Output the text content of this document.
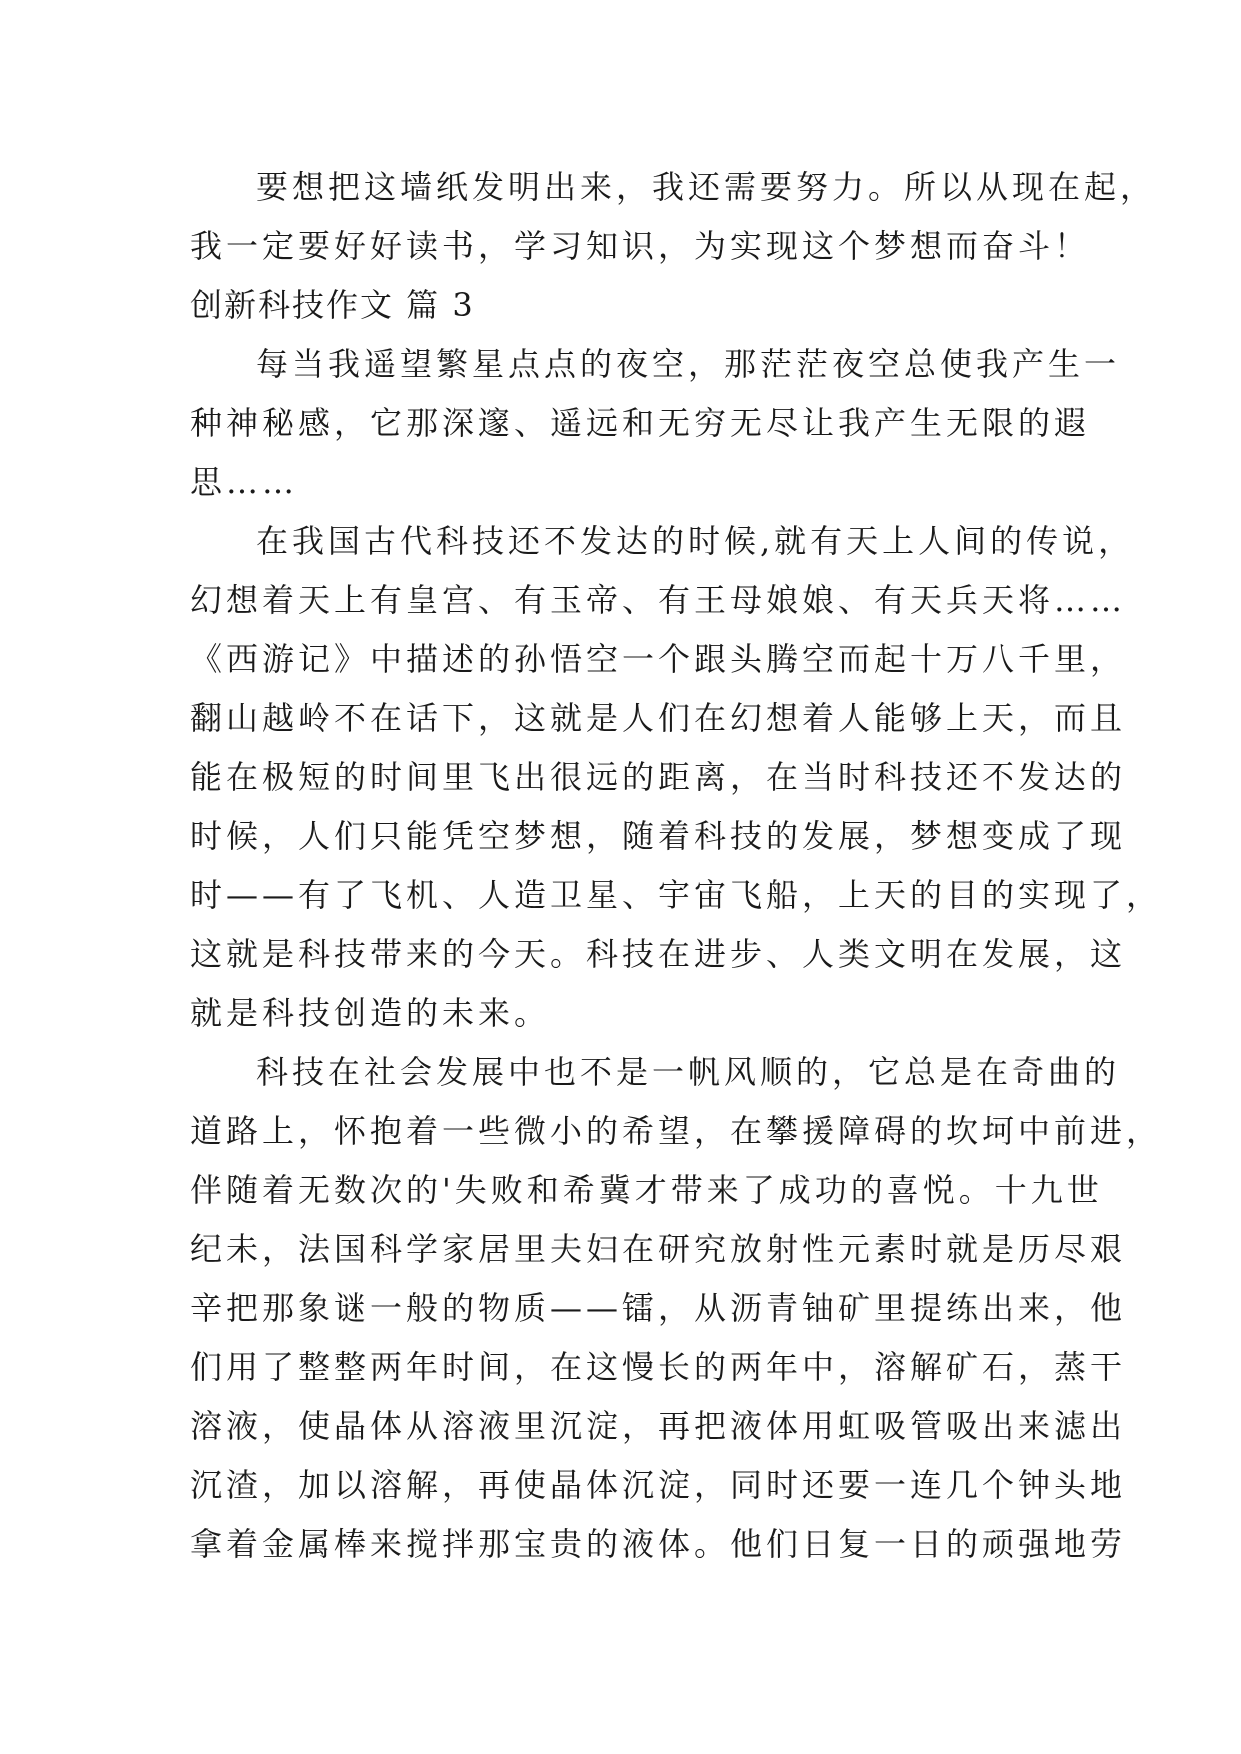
要想把这墙纸发明出来，我还需要努力。所以从现在起，
我一定要好好读书，学习知识，为实现这个梦想而奋斗！
创新科技作文 篇 3
每当我遥望繁星点点的夜空，那茫茫夜空总使我产生一
种神秘感，它那深邃、遥远和无穷无尽让我产生无限的遐
思……
在我国古代科技还不发达的时候,就有天上人间的传说，
幻想着天上有皇宫、有玉帝、有王母娘娘、有天兵天将……
《西游记》中描述的孙悟空一个跟头腾空而起十万八千里，
翻山越岭不在话下，这就是人们在幻想着人能够上天，而且
能在极短的时间里飞出很远的距离，在当时科技还不发达的
时候，人们只能凭空梦想，随着科技的发展，梦想变成了现
时——有了飞机、人造卫星、宇宙飞船，上天的目的实现了，
这就是科技带来的今天。科技在进步、人类文明在发展，这
就是科技创造的未来。
科技在社会发展中也不是一帆风顺的，它总是在奇曲的
道路上，怀抱着一些微小的希望，在攀援障碍的坎坷中前进，
伴随着无数次的'失败和希冀才带来了成功的喜悦。十九世
纪未，法国科学家居里夫妇在研究放射性元素时就是历尽艰
辛把那象谜一般的物质——镭，从沥青铀矿里提练出来，他
们用了整整两年时间，在这慢长的两年中，溶解矿石，蒸干
溶液，使晶体从溶液里沉淀，再把液体用虹吸管吸出来滤出
沉渣，加以溶解，再使晶体沉淀，同时还要一连几个钟头地
拿着金属棒来搅拌那宝贵的液体。他们日复一日的顽强地劳
